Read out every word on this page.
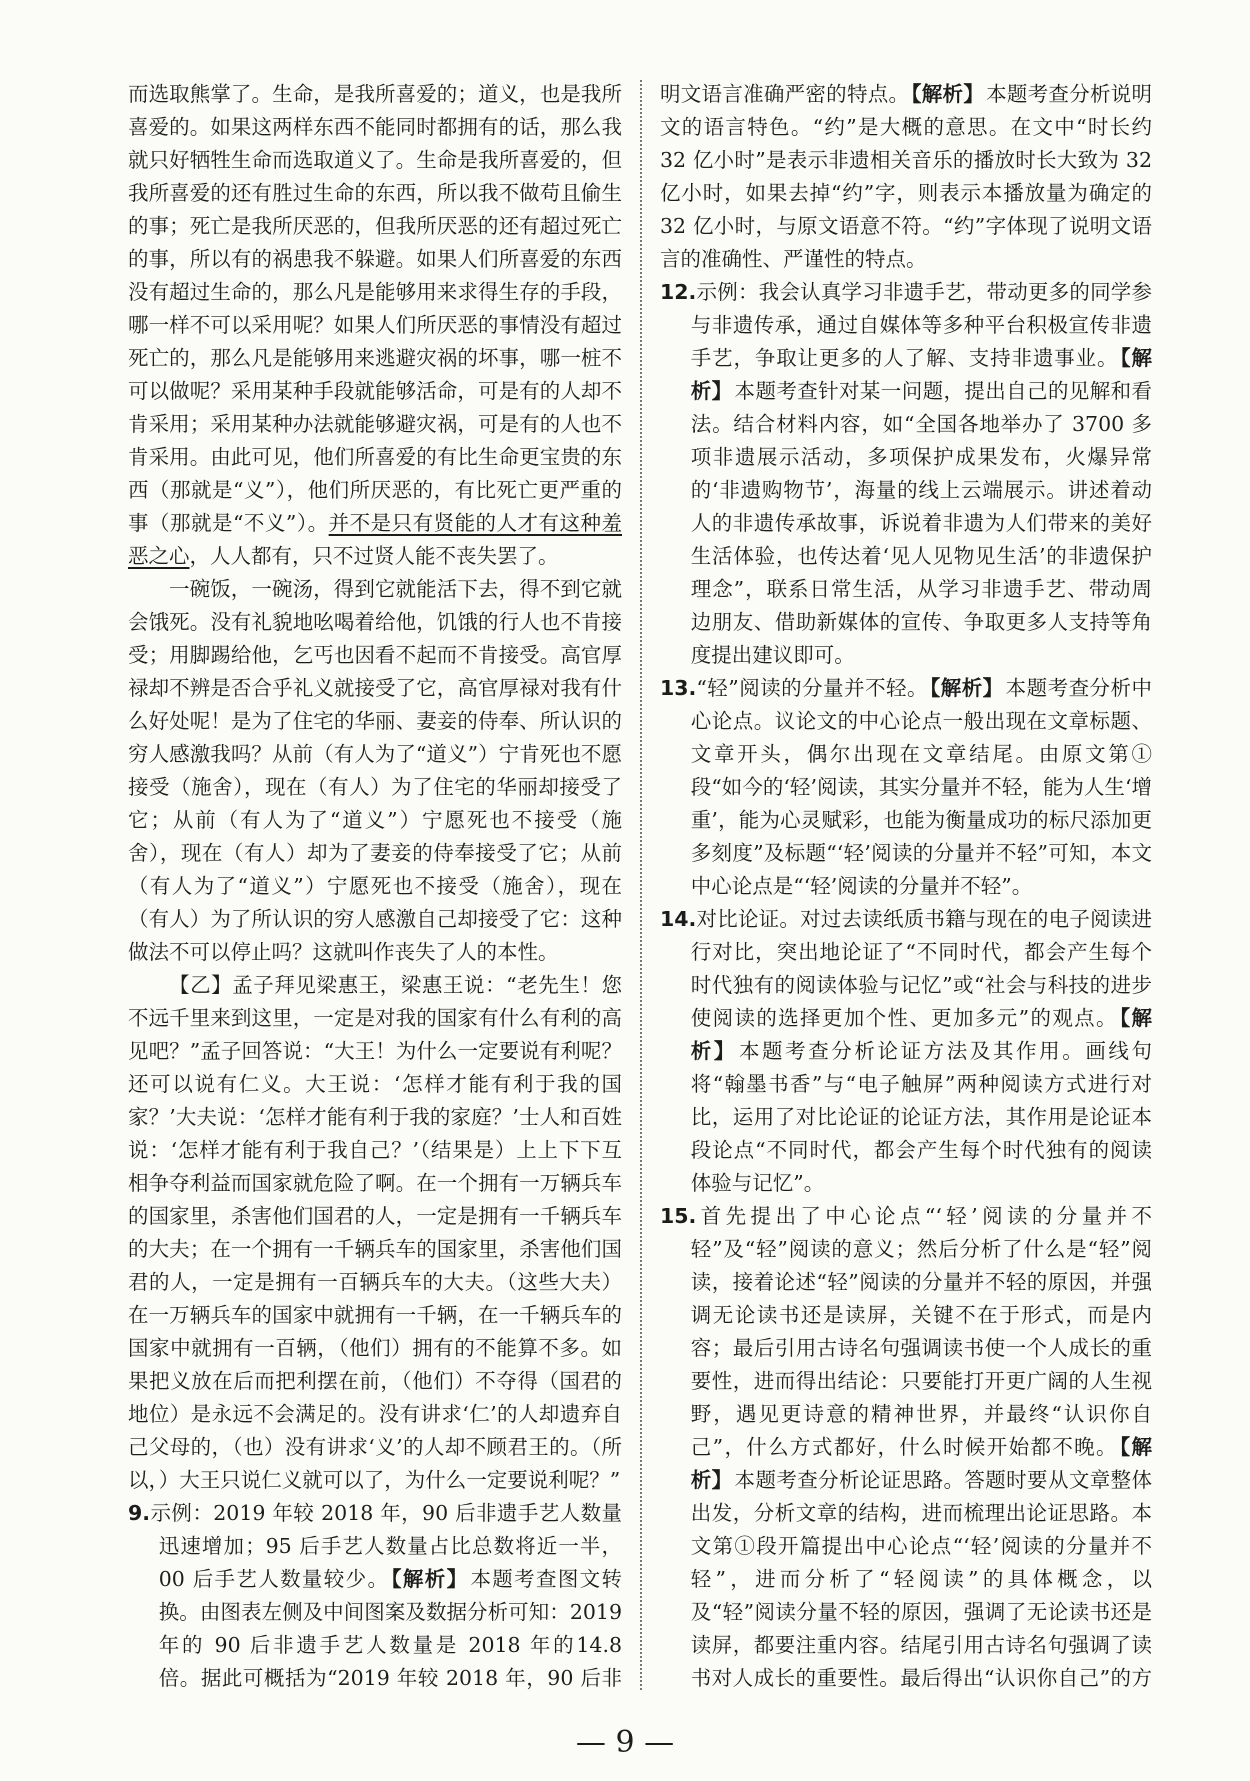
而选取熊掌了。生命，是我所喜爱的；道义，也是我所喜爱的。如果这两样东西不能同时都拥有的话，那么我就只好牺牲生命而选取道义了。生命是我所喜爱的，但我所喜爱的还有胜过生命的东西，所以我不做苟且偷生的事；死亡是我所厌恶的，但我所厌恶的还有超过死亡的事，所以有的祸患我不躲避。如果人们所喜爱的东西没有超过生命的，那么凡是能够用来求得生存的手段，哪一样不可以采用呢？如果人们所厌恶的事情没有超过死亡的，那么凡是能够用来逃避灾祸的坏事，哪一桩不可以做呢？采用某种手段就能够活命，可是有的人却不肯采用；采用某种办法就能够避灾祸，可是有的人也不肯采用。由此可见，他们所喜爱的有比生命更宝贵的东西（那就是“义”），他们所厌恶的，有比死亡更严重的事（那就是“不义”）。并不是只有贤能的人才有这种羞恶之心，人人都有，只不过贤人能不丧失罢了。

一碗饭，一碗汤，得到它就能活下去，得不到它就会饿死。没有礼貌地吆喝着给他，饥饿的行人也不肯接受；用脚踢给他，乞丐也因看不起而不肯接受。高官厚禄却不辨是否合乎礼义就接受了它，高官厚禄对我有什么好处呢！是为了住宅的华丽、妻妾的侍奉、所认识的穷人感激我吗？从前（有人为了“道义”）宁肯死也不愿接受（施舍），现在（有人）为了住宅的华丽却接受了它；从前（有人为了“道义”）宁愿死也不接受（施舍），现在（有人）却为了妻妾的侍奉接受了它；从前（有人为了“道义”）宁愿死也不接受（施舍），现在（有人）为了所认识的穷人感激自己却接受了它：这种做法不可以停止吗？这就叫作丧失了人的本性。

【乙】孟子拜见梁惠王，梁惠王说：“老先生！您不远千里来到这里，一定是对我的国家有什么有利的高见吧？”孟子回答说：“大王！为什么一定要说有利呢？还可以说有仁义。大王说：‘怎样才能有利于我的国家？’大夫说：‘怎样才能有利于我的家庭？’士人和百姓说：‘怎样才能有利于我自己？’（结果是）上上下下互相争夺利益而国家就危险了啊。在一个拥有一万辆兵车的国家里，杀害他们国君的人，一定是拥有一千辆兵车的大夫；在一个拥有一千辆兵车的国家里，杀害他们国君的人，一定是拥有一百辆兵车的大夫。（这些大夫）在一万辆兵车的国家中就拥有一千辆，在一千辆兵车的国家中就拥有一百辆，（他们）拥有的不能算不多。如果把义放在后而把利摆在前，（他们）不夺得（国君的地位）是永远不会满足的。没有讲求‘仁’的人却遗弃自己父母的，（也）没有讲求‘义’的人却不顾君王的。（所以，）大王只说仁义就可以了，为什么一定要说利呢？”

9.示例：2019 年较 2018 年，90 后非遗手艺人数量迅速增加；95 后手艺人数量占比总数将近一半，00 后手艺人数量较少。【解析】本题考查图文转换。由图表左侧及中间图案及数据分析可知：2019 年的 90 后非遗手艺人数量是 2018 年的14.8 倍。据此可概括为“2019 年较 2018 年，90 后非

明文语言准确严密的特点。【解析】本题考查分析说明文的语言特色。“约”是大概的意思。在文中“时长约 32 亿小时”是表示非遗相关音乐的播放时长大致为 32 亿小时，如果去掉“约”字，则表示本播放量为确定的 32 亿小时，与原文语意不符。“约”字体现了说明文语言的准确性、严谨性的特点。

12.示例：我会认真学习非遗手艺，带动更多的同学参与非遗传承，通过自媒体等多种平台积极宣传非遗手艺，争取让更多的人了解、支持非遗事业。【解析】本题考查针对某一问题，提出自己的见解和看法。结合材料内容，如“全国各地举办了 3700 多项非遗展示活动，多项保护成果发布，火爆异常的‘非遗购物节’，海量的线上云端展示。讲述着动人的非遗传承故事，诉说着非遗为人们带来的美好生活体验，也传达着‘见人见物见生活’的非遗保护理念”，联系日常生活，从学习非遗手艺、带动周边朋友、借助新媒体的宣传、争取更多人支持等角度提出建议即可。

13.“轻”阅读的分量并不轻。【解析】本题考查分析中心论点。议论文的中心论点一般出现在文章标题、文章开头，偶尔出现在文章结尾。由原文第①段“如今的‘轻’阅读，其实分量并不轻，能为人生‘增重’，能为心灵赋彩，也能为衡量成功的标尺添加更多刻度”及标题“‘轻’阅读的分量并不轻”可知，本文中心论点是“‘轻’阅读的分量并不轻”。

14.对比论证。对过去读纸质书籍与现在的电子阅读进行对比，突出地论证了“不同时代，都会产生每个时代独有的阅读体验与记忆”或“社会与科技的进步使阅读的选择更加个性、更加多元”的观点。【解析】本题考查分析论证方法及其作用。画线句将“翰墨书香”与“电子触屏”两种阅读方式进行对比，运用了对比论证的论证方法，其作用是论证本段论点“不同时代，都会产生每个时代独有的阅读体验与记忆”。

15.首先提出了中心论点“‘轻’阅读的分量并不轻”及“轻”阅读的意义；然后分析了什么是“轻”阅读，接着论述“轻”阅读的分量并不轻的原因，并强调无论读书还是读屏，关键不在于形式，而是内容；最后引用古诗名句强调读书使一个人成长的重要性，进而得出结论：只要能打开更广阔的人生视野，遇见更诗意的精神世界，并最终“认识你自己”，什么方式都好，什么时候开始都不晚。【解析】本题考查分析论证思路。答题时要从文章整体出发，分析文章的结构，进而梳理出论证思路。本文第①段开篇提出中心论点“‘轻’阅读的分量并不轻”，进而分析了“轻阅读”的具体概念，以及“轻”阅读分量不轻的原因，强调了无论读书还是读屏，都要注重内容。结尾引用古诗名句强调了读书对人成长的重要性。最后得出“认识你自己”的方

— 9 —
